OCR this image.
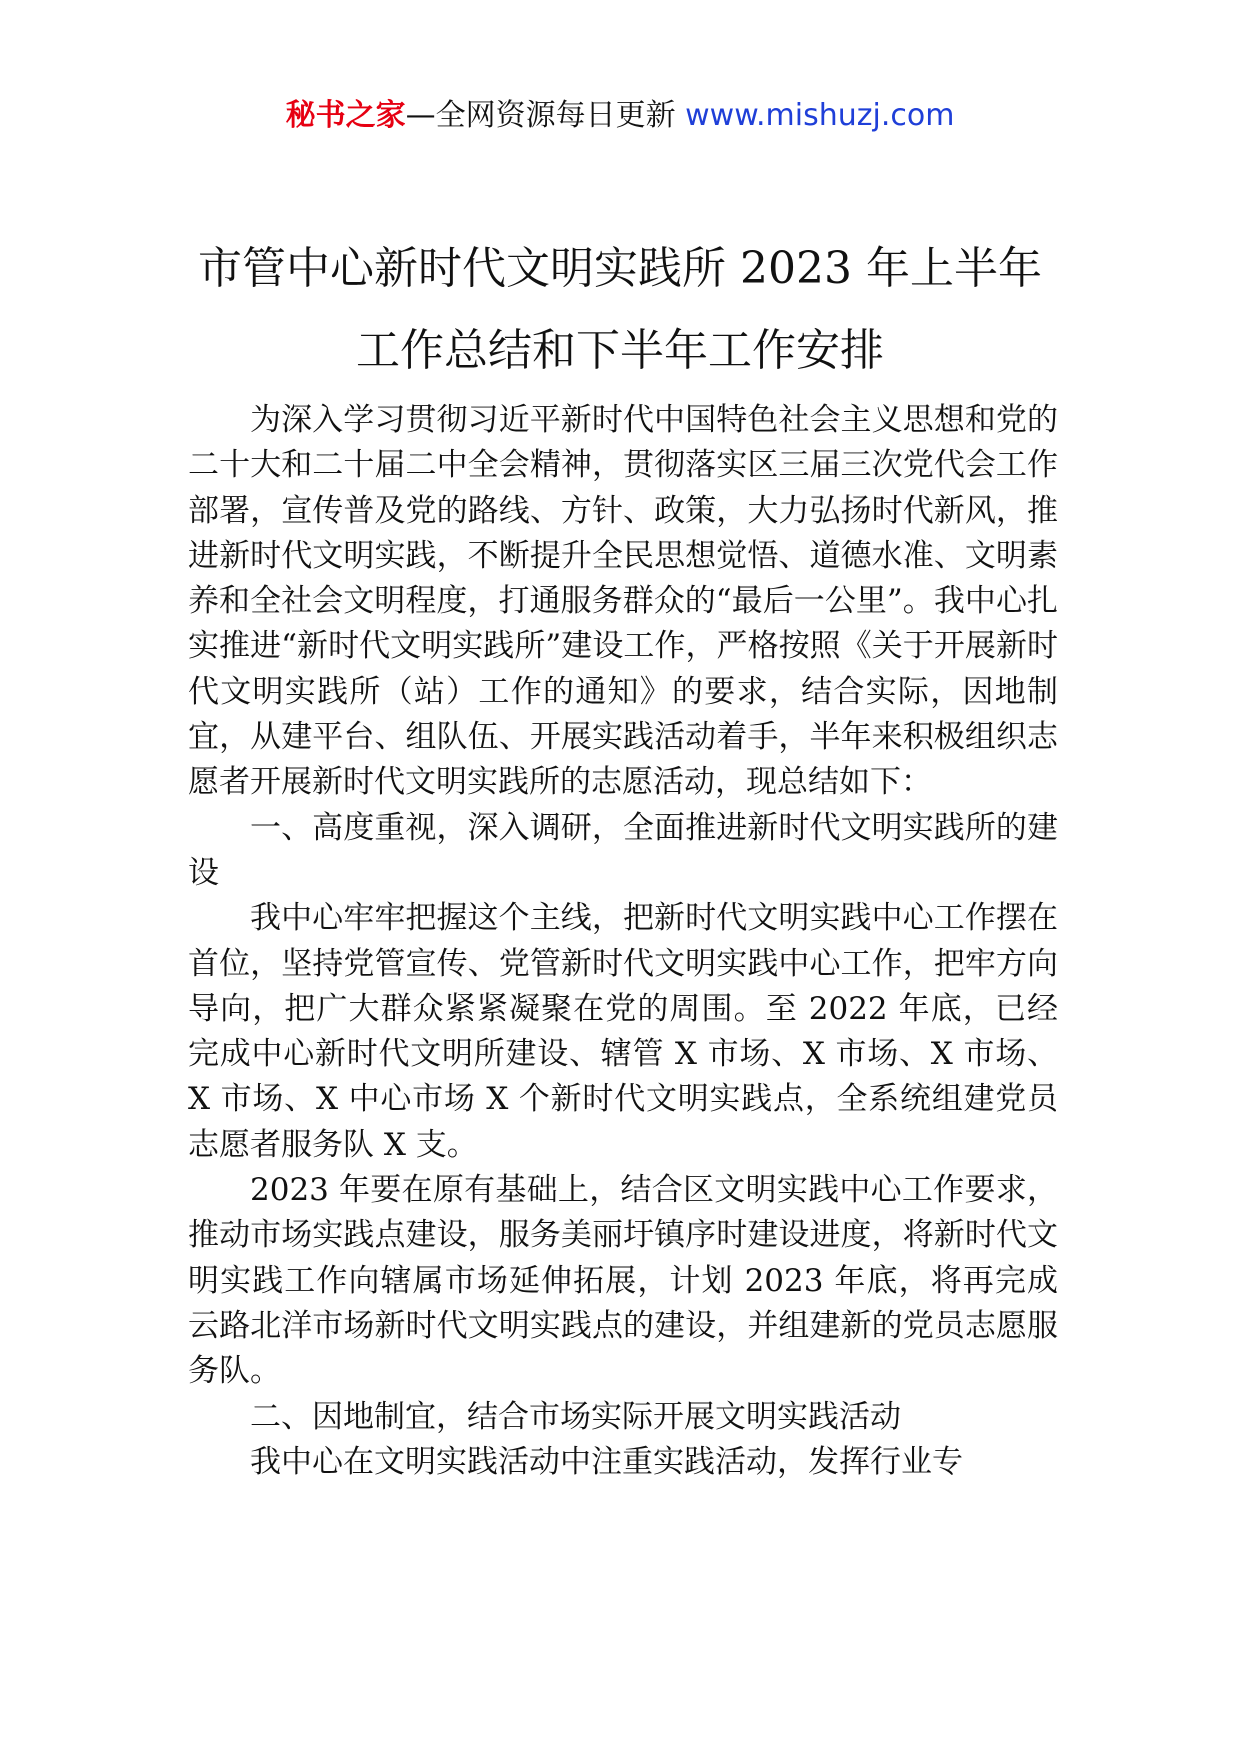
秘书之家—全网资源每日更新 www.mishuzj.com
市管中心新时代文明实践所 2023 年上半年
工作总结和下半年工作安排

为深入学习贯彻习近平新时代中国特色社会主义思想和党的二十大和二十届二中全会精神，贯彻落实区三届三次党代会工作部署，宣传普及党的路线、方针、政策，大力弘扬时代新风，推进新时代文明实践，不断提升全民思想觉悟、道德水准、文明素养和全社会文明程度，打通服务群众的“最后一公里”。我中心扎实推进“新时代文明实践所”建设工作，严格按照《关于开展新时代文明实践所（站）工作的通知》的要求，结合实际，因地制宜，从建平台、组队伍、开展实践活动着手，半年来积极组织志愿者开展新时代文明实践所的志愿活动，现总结如下：

一、高度重视，深入调研，全面推进新时代文明实践所的建设

我中心牢牢把握这个主线，把新时代文明实践中心工作摆在首位，坚持党管宣传、党管新时代文明实践中心工作，把牢方向导向，把广大群众紧紧凝聚在党的周围。至 2022 年底，已经完成中心新时代文明所建设、辖管 X 市场、X 市场、X 市场、X 市场、X 中心市场 X 个新时代文明实践点，全系统组建党员志愿者服务队 X 支。

2023 年要在原有基础上，结合区文明实践中心工作要求，推动市场实践点建设，服务美丽圩镇序时建设进度，将新时代文明实践工作向辖属市场延伸拓展，计划 2023 年底，将再完成云路北洋市场新时代文明实践点的建设，并组建新的党员志愿服务队。

二、因地制宜，结合市场实际开展文明实践活动

我中心在文明实践活动中注重实践活动，发挥行业专
